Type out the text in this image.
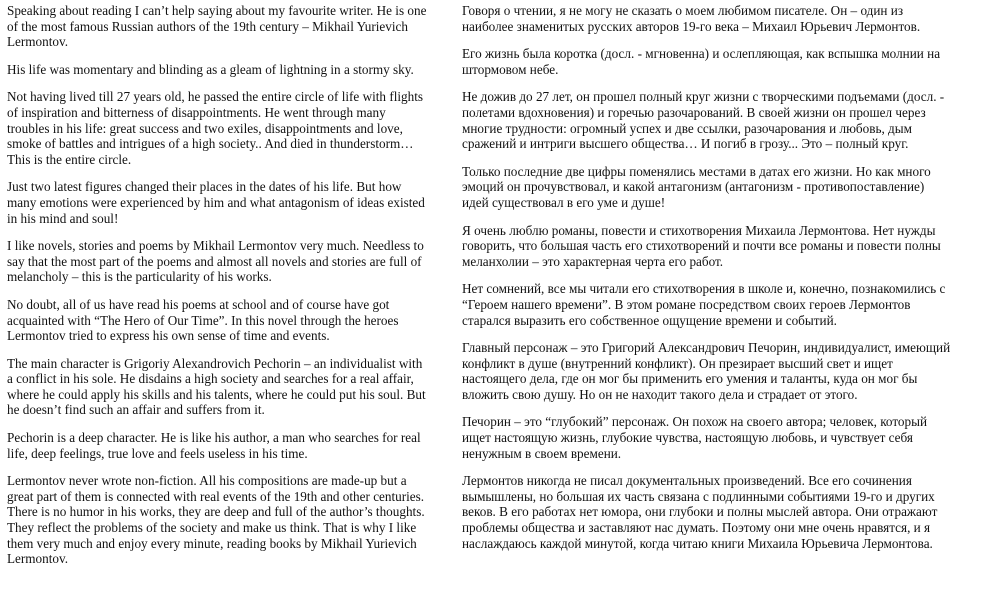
Speaking about reading I can’t help saying about my favourite writer. He is one
of the most famous Russian authors of the 19th century – Mikhail Yurievich
Lermontov.

His life was momentary and blinding as a gleam of lightning in a stormy sky.

Not having lived till 27 years old, he passed the entire circle of life with flights
of inspiration and bitterness of disappointments. He went through many
troubles in his life: great success and two exiles, disappointments and love,
smoke of battles and intrigues of a high society.. And died in thunderstorm…
This is the entire circle.

Just two latest figures changed their places in the dates of his life. But how
many emotions were experienced by him and what antagonism of ideas existed
in his mind and soul!

I like novels, stories and poems by Mikhail Lermontov very much. Needless to
say that the most part of the poems and almost all novels and stories are full of
melancholy – this is the particularity of his works.

No doubt, all of us have read his poems at school and of course have got
acquainted with “The Hero of Our Time”. In this novel through the heroes
Lermontov tried to express his own sense of time and events.

The main character is Grigoriy Alexandrovich Pechorin – an individualist with
a conflict in his sole. He disdains a high society and searches for a real affair,
where he could apply his skills and his talents, where he could put his soul. But
he doesn’t find such an affair and suffers from it.

Pechorin is a deep character. He is like his author, a man who searches for real
life, deep feelings, true love and feels useless in his time.

Lermontov never wrote non-fiction. All his compositions are made-up but a
great part of them is connected with real events of the 19th and other centuries.
There is no humor in his works, they are deep and full of the author’s thoughts.
They reflect the problems of the society and make us think. That is why I like
them very much and enjoy every minute, reading books by Mikhail Yurievich
Lermontov.

Говоря о чтении, я не могу не сказать о моем любимом писателе. Он – один из
наиболее знаменитых русских авторов 19-го века – Михаил Юрьевич Лермонтов.

Его жизнь была коротка (досл. - мгновенна) и ослепляющая, как вспышка молнии на
штормовом небе.

Не дожив до 27 лет, он прошел полный круг жизни с творческими подъемами (досл. -
полетами вдохновения) и горечью разочарований. В своей жизни он прошел через
многие трудности: огромный успех и две ссылки, разочарования и любовь, дым
сражений и интриги высшего общества… И погиб в грозу... Это – полный круг.

Только последние две цифры поменялись местами в датах его жизни. Но как много
эмоций он прочувствовал, и какой антагонизм (антагонизм - противопоставление)
идей существовал в его уме и душе!

Я очень люблю романы, повести и стихотворения Михаила Лермонтова. Нет нужды
говорить, что большая часть его стихотворений и почти все романы и повести полны
меланхолии – это характерная черта его работ.

Нет сомнений, все мы читали его стихотворения в школе и, конечно, познакомились с
“Героем нашего времени”. В этом романе посредством своих героев Лермонтов
старался выразить его собственное ощущение времени и событий.

Главный персонаж – это Григорий Александрович Печорин, индивидуалист, имеющий
конфликт в душе (внутренний конфликт). Он презирает высший свет и ищет
настоящего дела, где он мог бы применить его умения и таланты, куда он мог бы
вложить свою душу. Но он не находит такого дела и страдает от этого.

Печорин – это “глубокий” персонаж. Он похож на своего автора; человек, который
ищет настоящую жизнь, глубокие чувства, настоящую любовь, и чувствует себя
ненужным в своем времени.

Лермонтов никогда не писал документальных произведений. Все его сочинения
вымышлены, но большая их часть связана с подлинными событиями 19-го и других
веков. В его работах нет юмора, они глубоки и полны мыслей автора. Они отражают
проблемы общества и заставляют нас думать. Поэтому они мне очень нравятся, и я
наслаждаюсь каждой минутой, когда читаю книги Михаила Юрьевича Лермонтова.
